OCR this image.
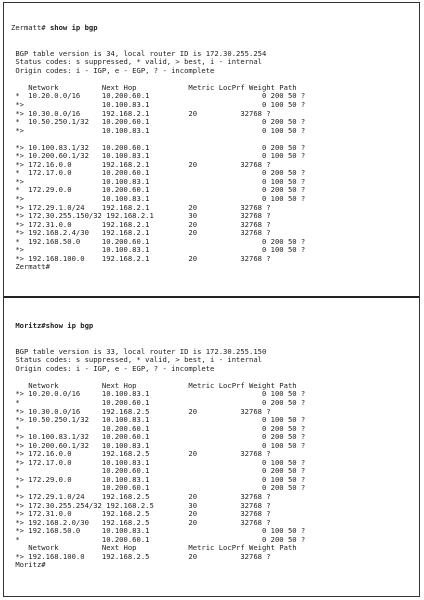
Zermatt# show ip bgp

BGP table version is 34, local router ID is 172.30.255.254
Status codes: s suppressed, * valid, > best, i - internal
Origin codes: i - IGP, e - EGP, ? - incomplete

Network          Next Hop            Metric LocPrf Weight Path
*  10.20.0.0/16     10.200.60.1                          0 200 50 ?
*>                  10.100.83.1                          0 100 50 ?
*> 10.30.0.0/16     192.168.2.1         20          32768 ?
*  10.50.250.1/32   10.200.60.1                          0 200 50 ?
*>                  10.100.83.1                          0 100 50 ?

*> 10.100.83.1/32   10.200.60.1                          0 200 50 ?
*> 10.200.60.1/32   10.100.83.1                          0 100 50 ?
*> 172.16.0.0       192.168.2.1         20          32768 ?
*  172.17.0.0       10.200.60.1                          0 200 50 ?
*>                  10.100.83.1                          0 100 50 ?
*  172.29.0.0       10.200.60.1                          0 200 50 ?
*>                  10.100.83.1                          0 100 50 ?
*> 172.29.1.0/24    192.168.2.1         20          32768 ?
*> 172.30.255.150/32 192.168.2.1        30          32768 ?
*> 172.31.0.0       192.168.2.1         20          32768 ?
*> 192.168.2.4/30   192.168.2.1         20          32768 ?
*  192.168.50.0     10.200.60.1                          0 200 50 ?
*>                  10.100.83.1                          0 100 50 ?
*> 192.168.100.0    192.168.2.1         20          32768 ?
Zermatt#

Moritz#show ip bgp

BGP table version is 33, local router ID is 172.30.255.150
Status codes: s suppressed, * valid, > best, i - internal
Origin codes: i - IGP, e - EGP, ? - incomplete

Network          Next Hop            Metric LocPrf Weight Path
*> 10.20.0.0/16     10.100.83.1                          0 100 50 ?
*                   10.200.60.1                          0 200 50 ?
*> 10.30.0.0/16     192.168.2.5         20          32768 ?
*> 10.50.250.1/32   10.100.83.1                          0 100 50 ?
*                   10.200.60.1                          0 200 50 ?
*> 10.100.83.1/32   10.200.60.1                          0 200 50 ?
*> 10.200.60.1/32   10.100.83.1                          0 100 50 ?
*> 172.16.0.0       192.168.2.5         20          32768 ?
*> 172.17.0.0       10.100.83.1                          0 100 50 ?
*                   10.200.60.1                          0 200 50 ?
*> 172.29.0.0       10.100.83.1                          0 100 50 ?
*                   10.200.60.1                          0 200 50 ?
*> 172.29.1.0/24    192.168.2.5         20          32768 ?
*> 172.30.255.254/32 192.168.2.5        30          32768 ?
*> 172.31.0.0       192.168.2.5         20          32768 ?
*> 192.168.2.0/30   192.168.2.5         20          32768 ?
*> 192.168.50.0     10.100.83.1                          0 100 50 ?
*                   10.200.60.1                          0 200 50 ?
Network          Next Hop            Metric LocPrf Weight Path
*> 192.168.100.0    192.168.2.5         20          32768 ?
Moritz#
